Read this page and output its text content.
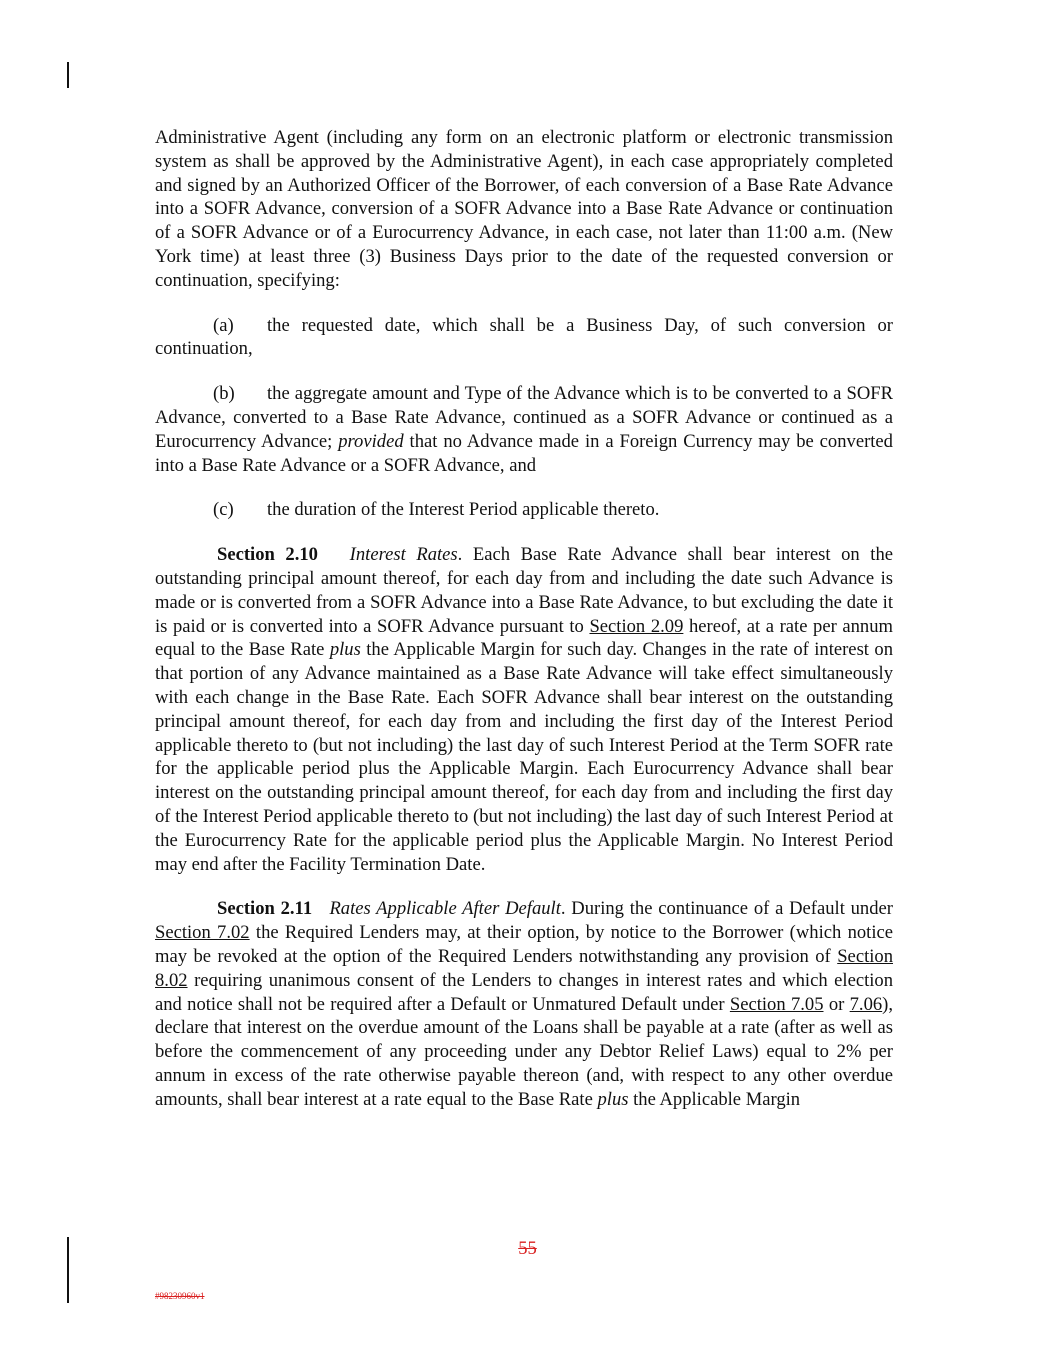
Administrative Agent (including any form on an electronic platform or electronic transmission system as shall be approved by the Administrative Agent), in each case appropriately completed and signed by an Authorized Officer of the Borrower, of each conversion of a Base Rate Advance into a SOFR Advance, conversion of a SOFR Advance into a Base Rate Advance or continuation of a SOFR Advance or of a Eurocurrency Advance, in each case, not later than 11:00 a.m. (New York time) at least three (3) Business Days prior to the date of the requested conversion or continuation, specifying:

(a) the requested date, which shall be a Business Day, of such conversion or continuation,

(b) the aggregate amount and Type of the Advance which is to be converted to a SOFR Advance, converted to a Base Rate Advance, continued as a SOFR Advance or continued as a Eurocurrency Advance; provided that no Advance made in a Foreign Currency may be converted into a Base Rate Advance or a SOFR Advance, and

(c) the duration of the Interest Period applicable thereto.

Section 2.10 Interest Rates. Each Base Rate Advance shall bear interest on the outstanding principal amount thereof, for each day from and including the date such Advance is made or is converted from a SOFR Advance into a Base Rate Advance, to but excluding the date it is paid or is converted into a SOFR Advance pursuant to Section 2.09 hereof, at a rate per annum equal to the Base Rate plus the Applicable Margin for such day. Changes in the rate of interest on that portion of any Advance maintained as a Base Rate Advance will take effect simultaneously with each change in the Base Rate. Each SOFR Advance shall bear interest on the outstanding principal amount thereof, for each day from and including the first day of the Interest Period applicable thereto to (but not including) the last day of such Interest Period at the Term SOFR rate for the applicable period plus the Applicable Margin. Each Eurocurrency Advance shall bear interest on the outstanding principal amount thereof, for each day from and including the first day of the Interest Period applicable thereto to (but not including) the last day of such Interest Period at the Eurocurrency Rate for the applicable period plus the Applicable Margin. No Interest Period may end after the Facility Termination Date.

Section 2.11 Rates Applicable After Default. During the continuance of a Default under Section 7.02 the Required Lenders may, at their option, by notice to the Borrower (which notice may be revoked at the option of the Required Lenders notwithstanding any provision of Section 8.02 requiring unanimous consent of the Lenders to changes in interest rates and which election and notice shall not be required after a Default or Unmatured Default under Section 7.05 or 7.06), declare that interest on the overdue amount of the Loans shall be payable at a rate (after as well as before the commencement of any proceeding under any Debtor Relief Laws) equal to 2% per annum in excess of the rate otherwise payable thereon (and, with respect to any other overdue amounts, shall bear interest at a rate equal to the Base Rate plus the Applicable Margin

55
#98230960v1
